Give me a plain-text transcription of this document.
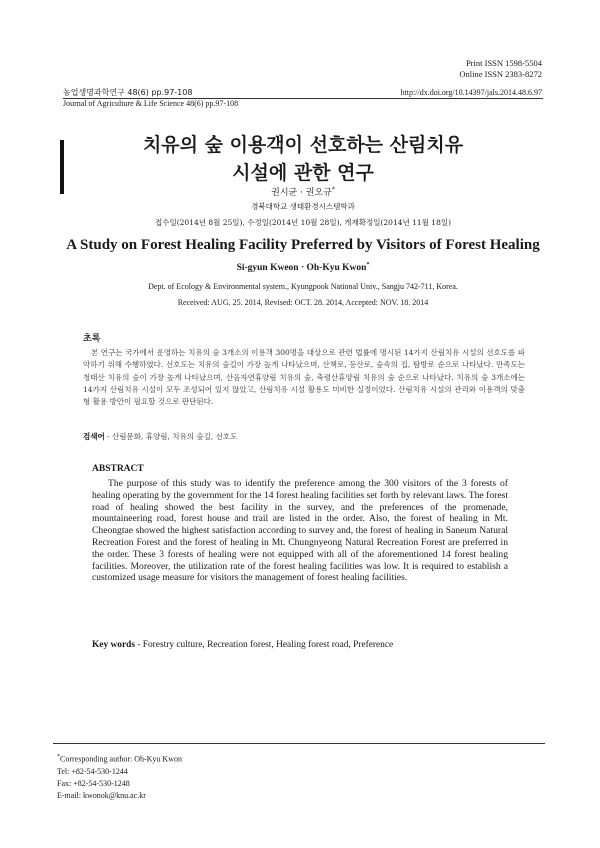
Print ISSN 1598-5504
Online ISSN 2383-8272
농업생명과학연구 48(6) pp.97-108	http://dx.doi.org/10.14397/jals.2014.48.6.97
Journal of Agriculture & Life Science 48(6) pp.97-108
치유의 숲 이용객이 선호하는 산림치유
시설에 관한 연구
권시균 · 권오규*
경북대학교 생태환경시스템학과
접수일(2014년 8월 25일), 수정일(2014년 10월 28일), 게재확정일(2014년 11월 18일)
A Study on Forest Healing Facility Preferred by Visitors of Forest Healing
Si-gyun Kweon · Oh-Kyu Kwon*
Dept. of Ecology & Environmental system., Kyungpook National Univ., Sangju 742-711, Korea.
Received: AUG. 25. 2014, Revised: OCT. 28. 2014, Accepted: NOV. 18. 2014
초록
본 연구는 국가에서 운영하는 치유의 숲 3개소의 이용객 300명을 대상으로 관련 법률에 명시된 14가지 산림치유 시설의 선호도를 파악하기 위해 수행하였다. 선호도는 치유의 숲길이 가장 높게 나타났으며, 산책로, 등산로, 숲속의 집, 탐방로 순으로 나타났다. 만족도는 청태산 치유의 숲이 가장 높게 나타났으며, 산음자연휴양림 치유의 숲, 축령산휴양림 치유의 숲 순으로 나타났다. 치유의 숲 3개소에는 14가지 산림치유 시설이 모두 조성되어 있지 않았고, 산림치유 시설 활용도 미비한 실정이었다. 산림치유 시설의 관리와 이용객의 맞춤형 활용 방안이 필요할 것으로 판단된다.
검색어 - 산림문화, 휴양림, 치유의 숲길, 선호도
ABSTRACT
The purpose of this study was to identify the preference among the 300 visitors of the 3 forests of healing operating by the government for the 14 forest healing facilities set forth by relevant laws. The forest road of healing showed the best facility in the survey, and the preferences of the promenade, mountaineering road, forest house and trail are listed in the order. Also, the forest of healing in Mt. Cheongtae showed the highest satisfaction according to survey and, the forest of healing in Saneum Natural Recreation Forest and the forest of healing in Mt. Chungnyeong Natural Recreation Forest are preferred in the order. These 3 forests of healing were not equipped with all of the aforementioned 14 forest healing facilities. Moreover, the utilization rate of the forest healing facilities was low. It is required to establish a customized usage measure for visitors the management of forest healing facilities.
Key words - Forestry culture, Recreation forest, Healing forest road, Preference
*Corresponding author: Oh-Kyu Kwon
Tel: +82-54-530-1244
Fax: +82-54-530-1248
E-mail: kwonok@knu.ac.kr
